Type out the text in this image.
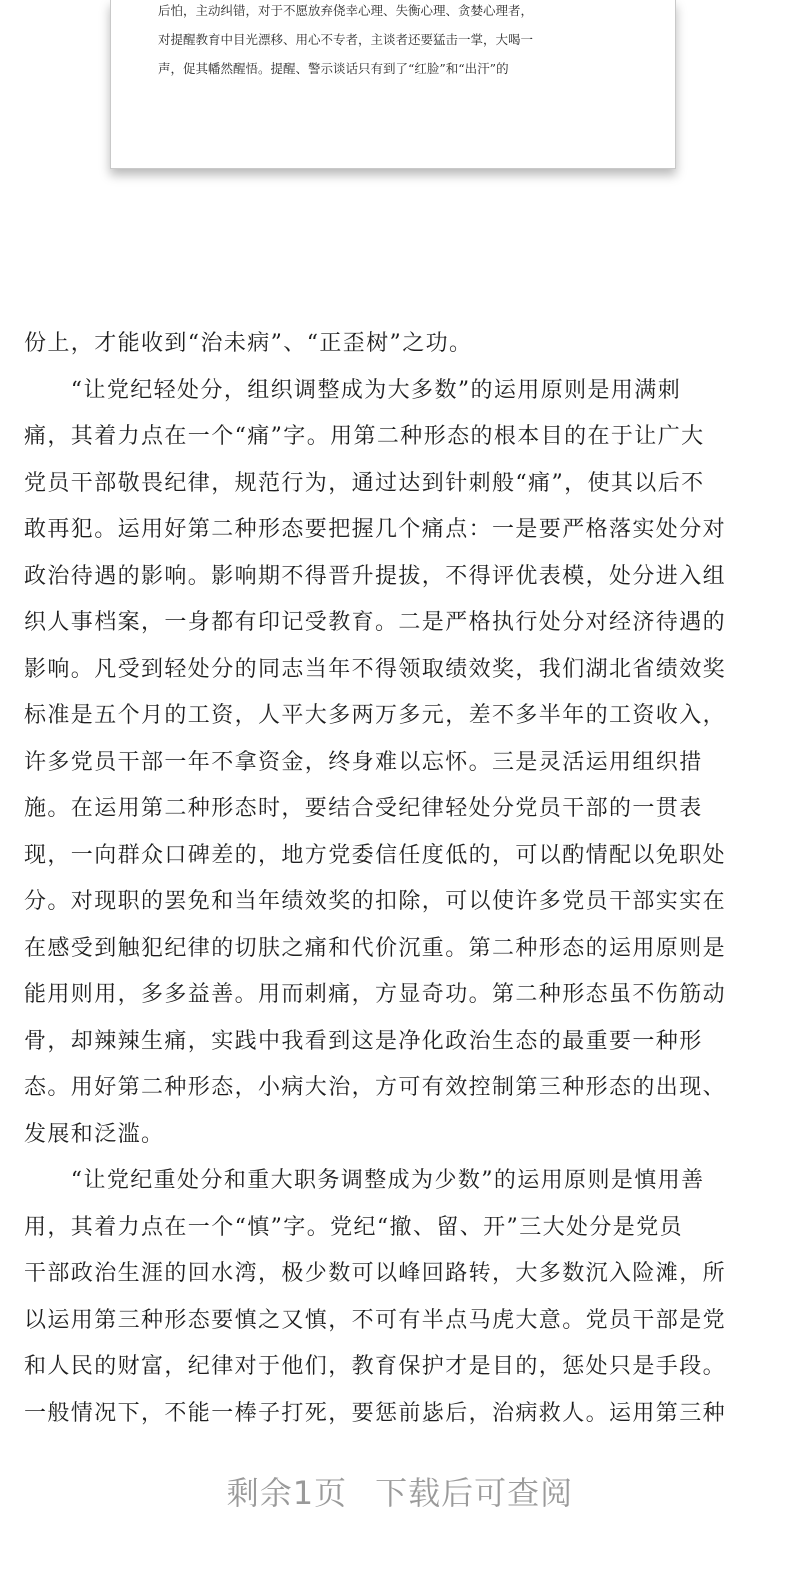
后怕，主动纠错，对于不愿放弃侥幸心理、失衡心理、贪婪心理者，
对提醒教育中目光漂移、用心不专者，主谈者还要猛击一掌，大喝一
声，促其幡然醒悟。提醒、警示谈话只有到了“红脸”和“出汗”的
份上，才能收到“治未病”、“正歪树”之功。
　　“让党纪轻处分，组织调整成为大多数”的运用原则是用满刺
痛，其着力点在一个“痛”字。用第二种形态的根本目的在于让广大
党员干部敬畏纪律，规范行为，通过达到针刺般“痛”，使其以后不
敢再犯。运用好第二种形态要把握几个痛点：一是要严格落实处分对
政治待遇的影响。影响期不得晋升提拔，不得评优表模，处分进入组
织人事档案，一身都有印记受教育。二是严格执行处分对经济待遇的
影响。凡受到轻处分的同志当年不得领取绩效奖，我们湖北省绩效奖
标准是五个月的工资，人平大多两万多元，差不多半年的工资收入，
许多党员干部一年不拿资金，终身难以忘怀。三是灵活运用组织措
施。在运用第二种形态时，要结合受纪律轻处分党员干部的一贯表
现，一向群众口碑差的，地方党委信任度低的，可以酌情配以免职处
分。对现职的罢免和当年绩效奖的扣除，可以使许多党员干部实实在
在感受到触犯纪律的切肤之痛和代价沉重。第二种形态的运用原则是
能用则用，多多益善。用而刺痛，方显奇功。第二种形态虽不伤筋动
骨，却辣辣生痛，实践中我看到这是净化政治生态的最重要一种形
态。用好第二种形态，小病大治，方可有效控制第三种形态的出现、
发展和泛滥。
　　“让党纪重处分和重大职务调整成为少数”的运用原则是慎用善
用，其着力点在一个“慎”字。党纪“撤、留、开”三大处分是党员
干部政治生涯的回水湾，极少数可以峰回路转，大多数沉入险滩，所
以运用第三种形态要慎之又慎，不可有半点马虎大意。党员干部是党
和人民的财富，纪律对于他们，教育保护才是目的，惩处只是手段。
一般情况下，不能一棒子打死，要惩前毖后，治病救人。运用第三种
剩余1页 下载后可查阅
